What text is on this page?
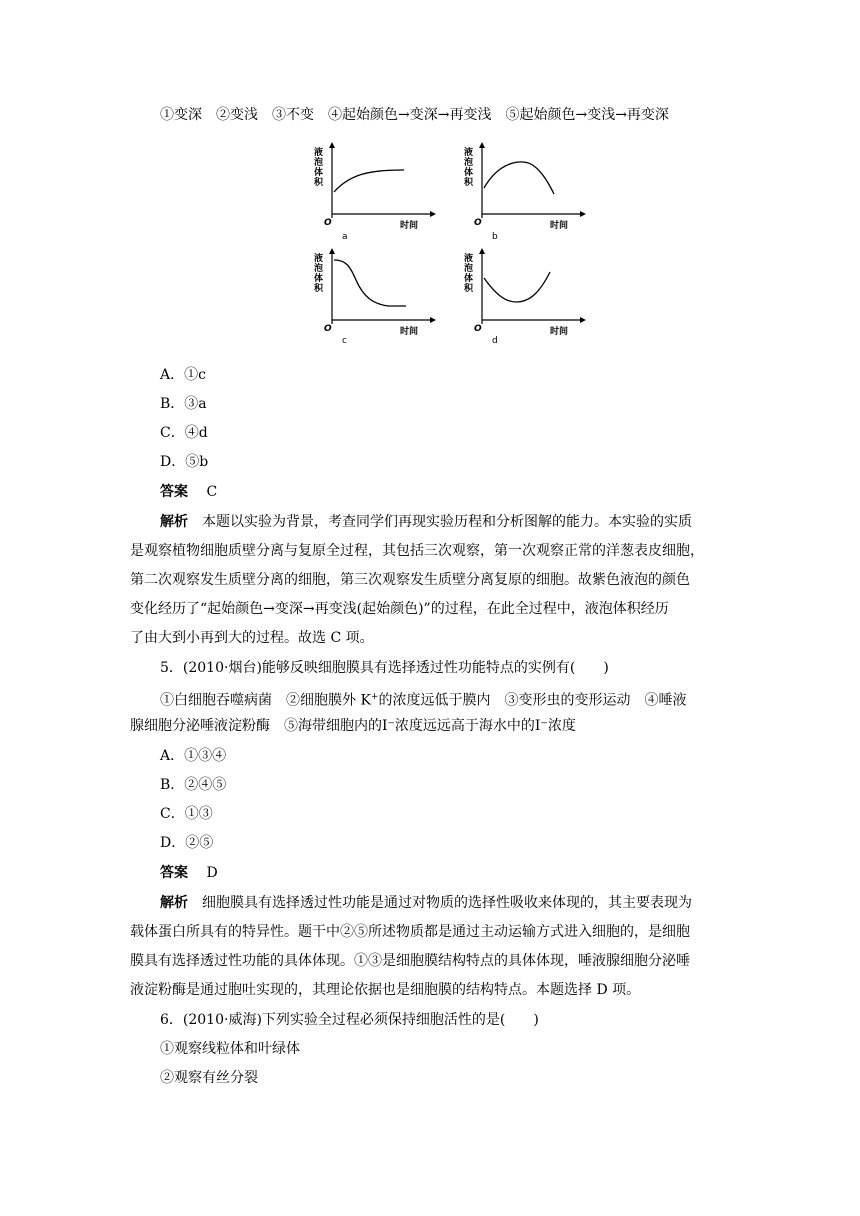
①变深　②变浅　③不变　④起始颜色→变深→再变浅　⑤起始颜色→变浅→再变深
液泡体积
O	时间
a
液泡体积
O	时间
b
液泡体积
O	时间
c
液泡体积
O	时间
d
A．①c
B．③a
C．④d
D．⑤b
答案　 C
解析　 本题以实验为背景，考查同学们再现实验历程和分析图解的能力。本实验的实质
是观察植物细胞质壁分离与复原全过程，其包括三次观察，第一次观察正常的洋葱表皮细胞，
第二次观察发生质壁分离的细胞，第三次观察发生质壁分离复原的细胞。故紫色液泡的颜色
变化经历了“起始颜色→变深→再变浅(起始颜色)”的过程，在此全过程中，液泡体积经历
了由大到小再到大的过程。故选 C 项。
5．(2010·烟台)能够反映细胞膜具有选择透过性功能特点的实例有(　　)
①白细胞吞噬病菌　②细胞膜外 K+的浓度远低于膜内　③变形虫的变形运动　④唾液
腺细胞分泌唾液淀粉酶　⑤海带细胞内的I⁻浓度远远高于海水中的I⁻浓度
A．①③④
B．②④⑤
C．①③
D．②⑤
答案　 D
解析　 细胞膜具有选择透过性功能是通过对物质的选择性吸收来体现的，其主要表现为
载体蛋白所具有的特异性。题干中②⑤所述物质都是通过主动运输方式进入细胞的，是细胞
膜具有选择透过性功能的具体体现。①③是细胞膜结构特点的具体体现，唾液腺细胞分泌唾
液淀粉酶是通过胞吐实现的，其理论依据也是细胞膜的结构特点。本题选择 D 项。
6．(2010·威海)下列实验全过程必须保持细胞活性的是(　　)
①观察线粒体和叶绿体
②观察有丝分裂
